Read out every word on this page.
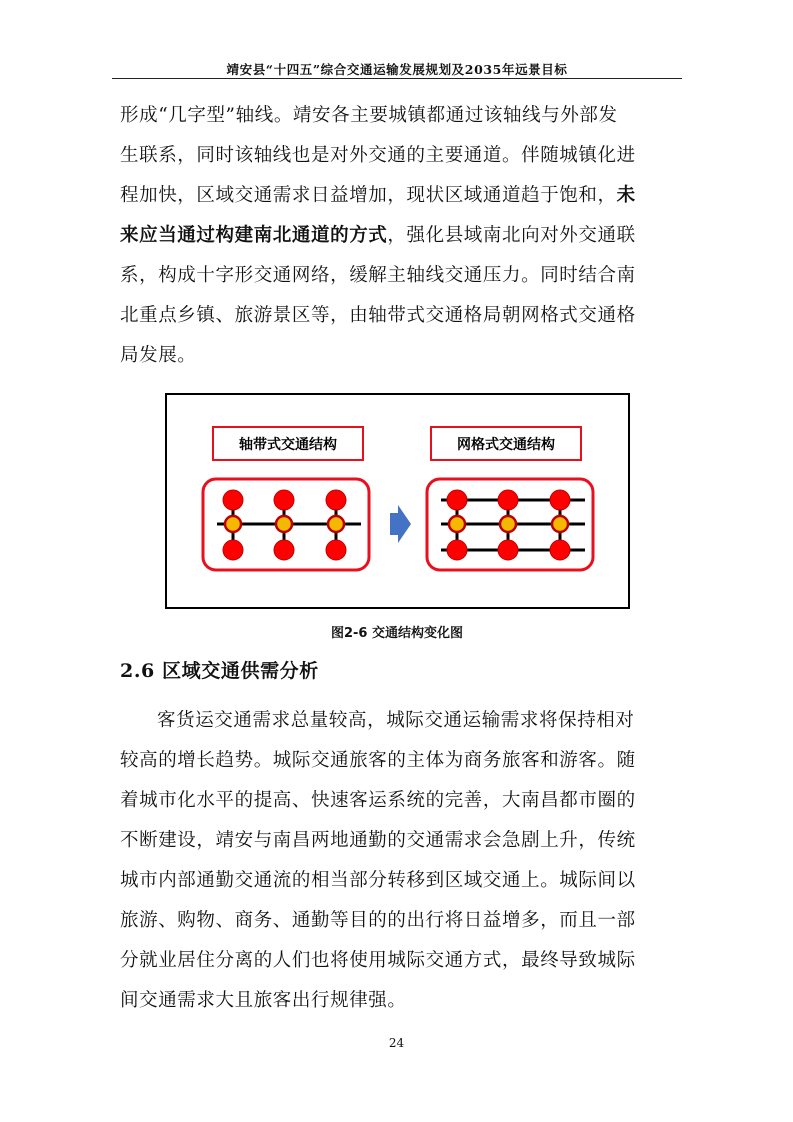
靖安县“十四五”综合交通运输发展规划及2035年远景目标
形成“几字型”轴线。靖安各主要城镇都通过该轴线与外部发
生联系，同时该轴线也是对外交通的主要通道。伴随城镇化进
程加快，区域交通需求日益增加，现状区域通道趋于饱和，未
来应当通过构建南北通道的方式，强化县域南北向对外交通联
系，构成十字形交通网络，缓解主轴线交通压力。同时结合南
北重点乡镇、旅游景区等，由轴带式交通格局朝网格式交通格
局发展。
轴带式交通结构	网格式交通结构
图2-6 交通结构变化图
2.6 区域交通供需分析
客货运交通需求总量较高，城际交通运输需求将保持相对
较高的增长趋势。城际交通旅客的主体为商务旅客和游客。随
着城市化水平的提高、快速客运系统的完善，大南昌都市圈的
不断建设，靖安与南昌两地通勤的交通需求会急剧上升，传统
城市内部通勤交通流的相当部分转移到区域交通上。城际间以
旅游、购物、商务、通勤等目的的出行将日益增多，而且一部
分就业居住分离的人们也将使用城际交通方式，最终导致城际
间交通需求大且旅客出行规律强。
24
